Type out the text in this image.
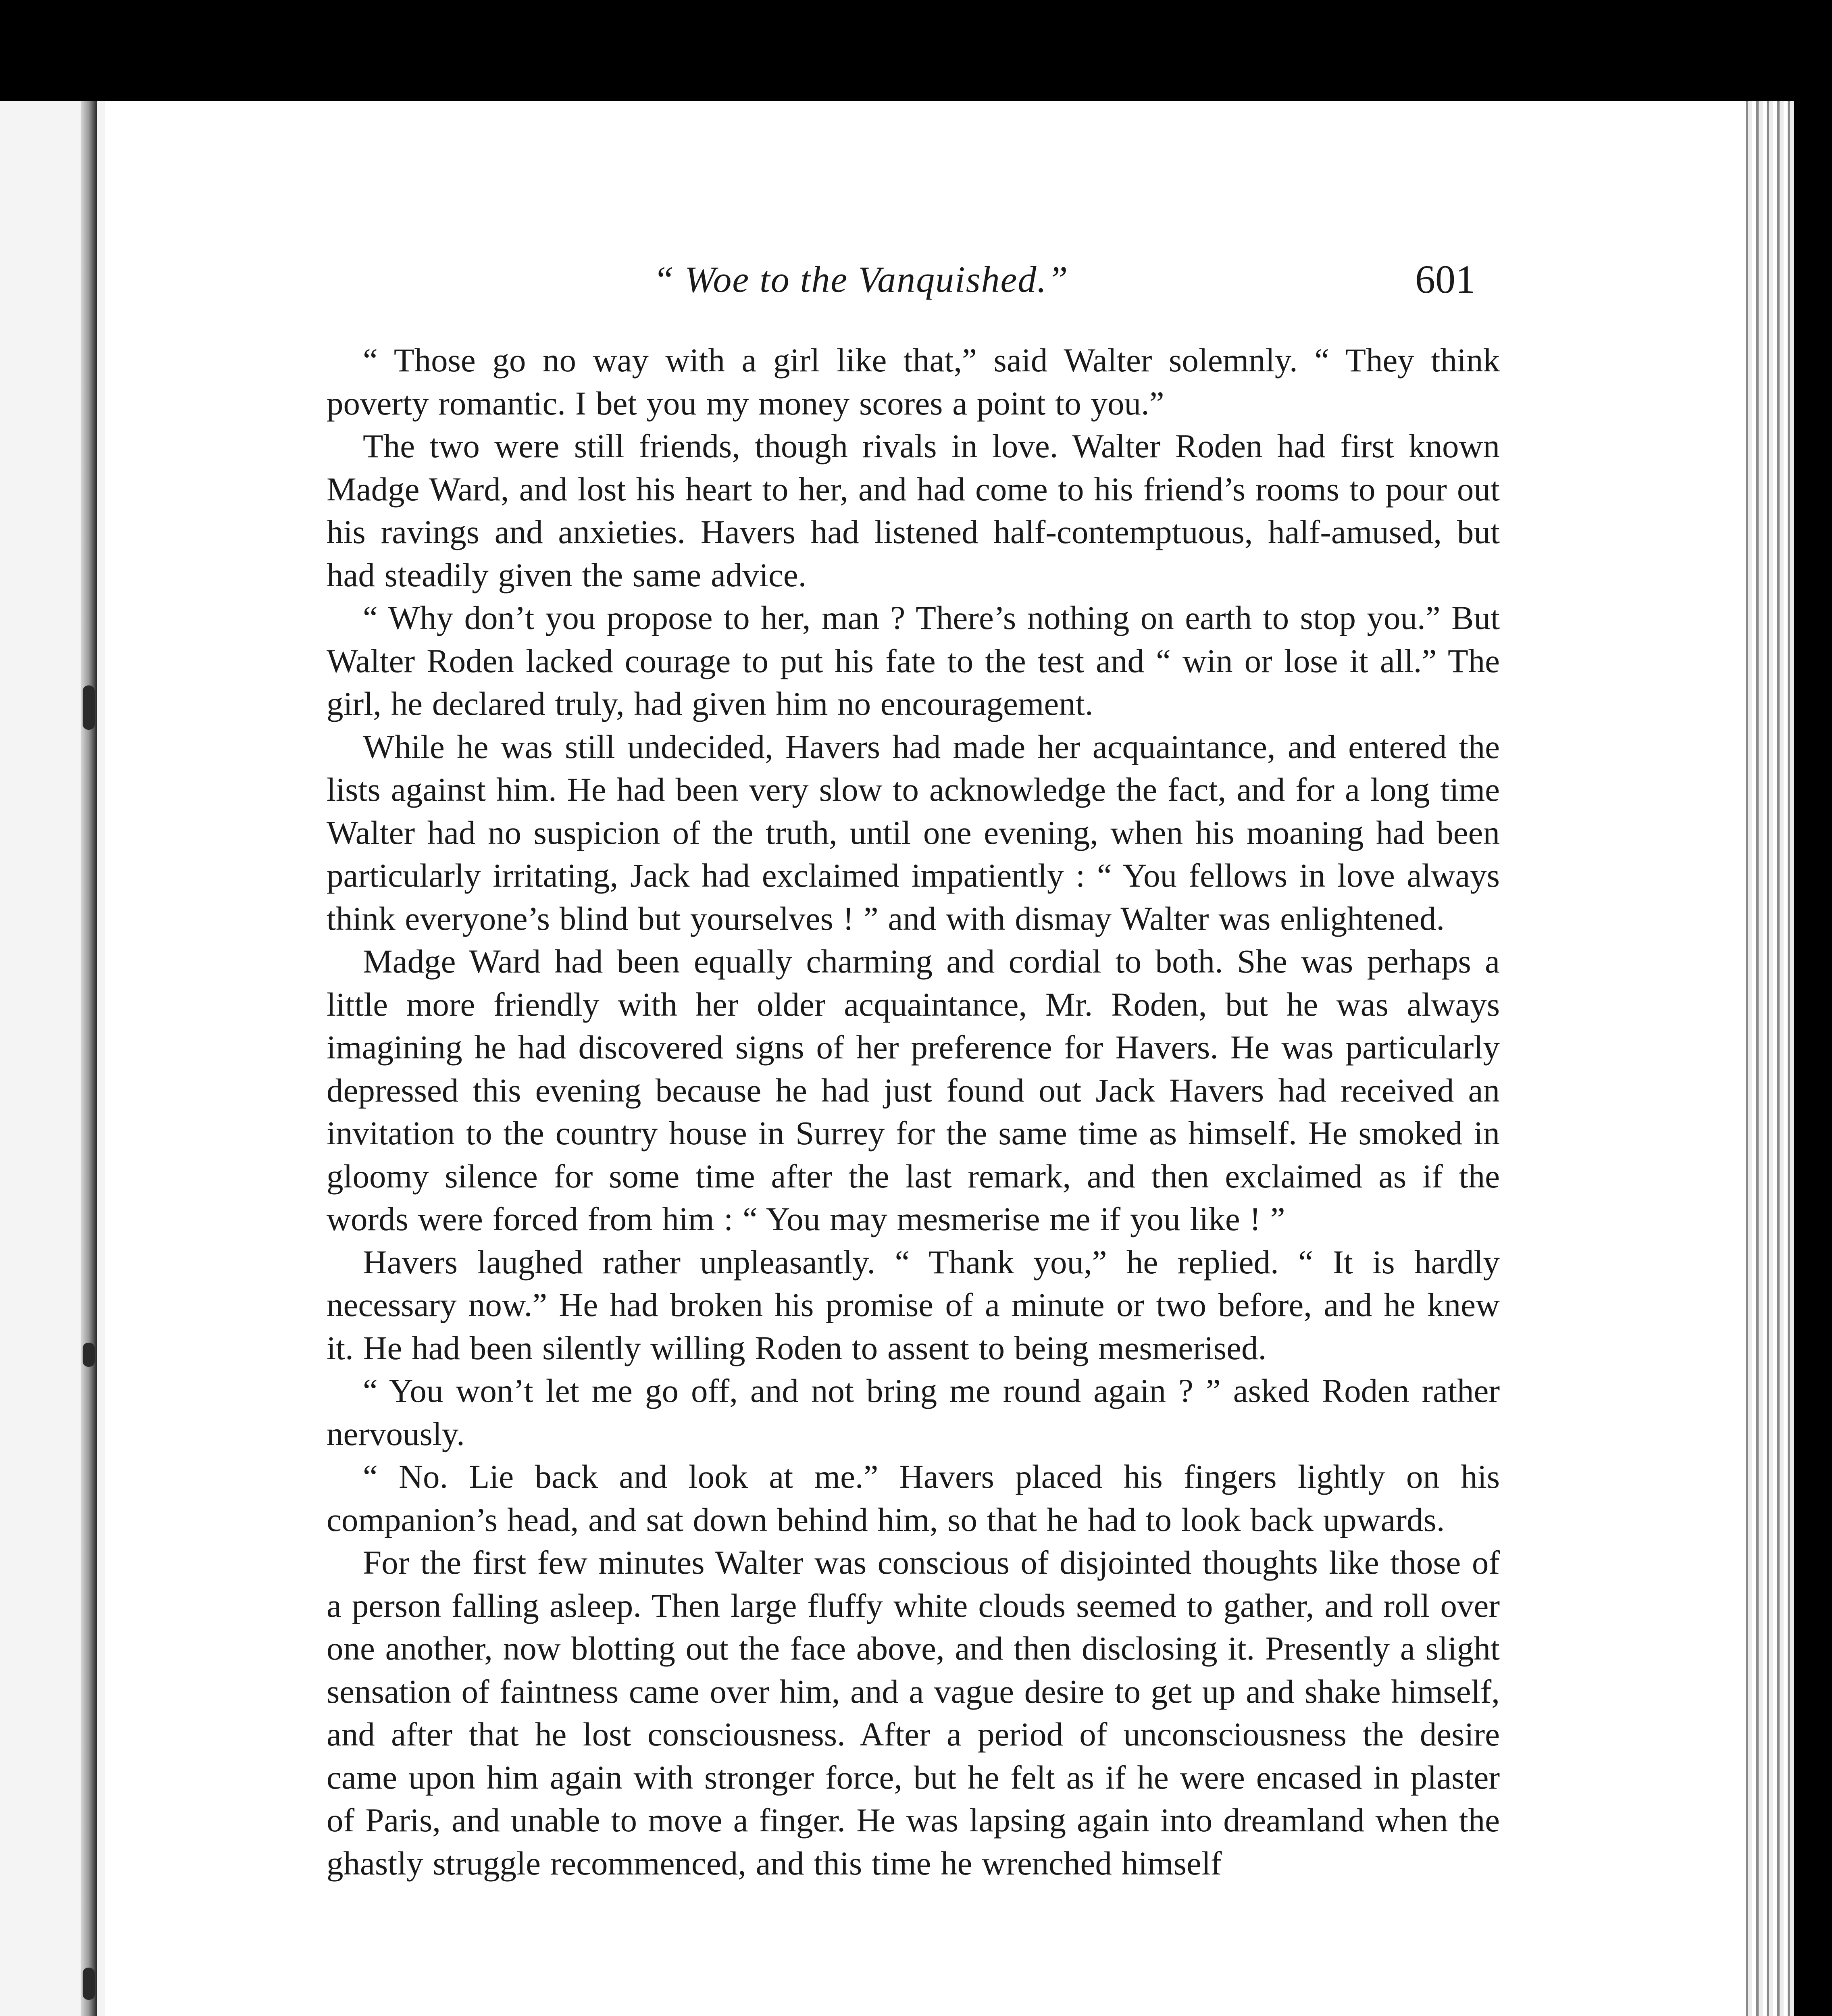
“ Woe to the Vanquished.”	601

“ Those go no way with a girl like that,” said Walter solemnly. “ They think poverty romantic. I bet you my money scores a point to you.”

The two were still friends, though rivals in love. Walter Roden had first known Madge Ward, and lost his heart to her, and had come to his friend’s rooms to pour out his ravings and anxieties. Havers had listened half-contemptuous, half-amused, but had steadily given the same advice.

“ Why don’t you propose to her, man ? There’s nothing on earth to stop you.” But Walter Roden lacked courage to put his fate to the test and “ win or lose it all.” The girl, he declared truly, had given him no encouragement.

While he was still undecided, Havers had made her acquaintance, and entered the lists against him. He had been very slow to acknowledge the fact, and for a long time Walter had no suspicion of the truth, until one evening, when his moaning had been particularly irritating, Jack had exclaimed impatiently : “ You fellows in love always think everyone’s blind but yourselves ! ” and with dismay Walter was enlightened.

Madge Ward had been equally charming and cordial to both. She was perhaps a little more friendly with her older acquaintance, Mr. Roden, but he was always imagining he had discovered signs of her preference for Havers. He was particularly depressed this evening because he had just found out Jack Havers had received an invitation to the country house in Surrey for the same time as himself. He smoked in gloomy silence for some time after the last remark, and then exclaimed as if the words were forced from him : “ You may mesmerise me if you like ! ”

Havers laughed rather unpleasantly. “ Thank you,” he replied. “ It is hardly necessary now.” He had broken his promise of a minute or two before, and he knew it. He had been silently willing Roden to assent to being mesmerised.

“ You won’t let me go off, and not bring me round again ? ” asked Roden rather nervously.

“ No. Lie back and look at me.” Havers placed his fingers lightly on his companion’s head, and sat down behind him, so that he had to look back upwards.

For the first few minutes Walter was conscious of disjointed thoughts like those of a person falling asleep. Then large fluffy white clouds seemed to gather, and roll over one another, now blotting out the face above, and then disclosing it. Presently a slight sensation of faintness came over him, and a vague desire to get up and shake himself, and after that he lost consciousness. After a period of unconsciousness the desire came upon him again with stronger force, but he felt as if he were encased in plaster of Paris, and unable to move a finger. He was lapsing again into dreamland when the ghastly struggle recommenced, and this time he wrenched himself
